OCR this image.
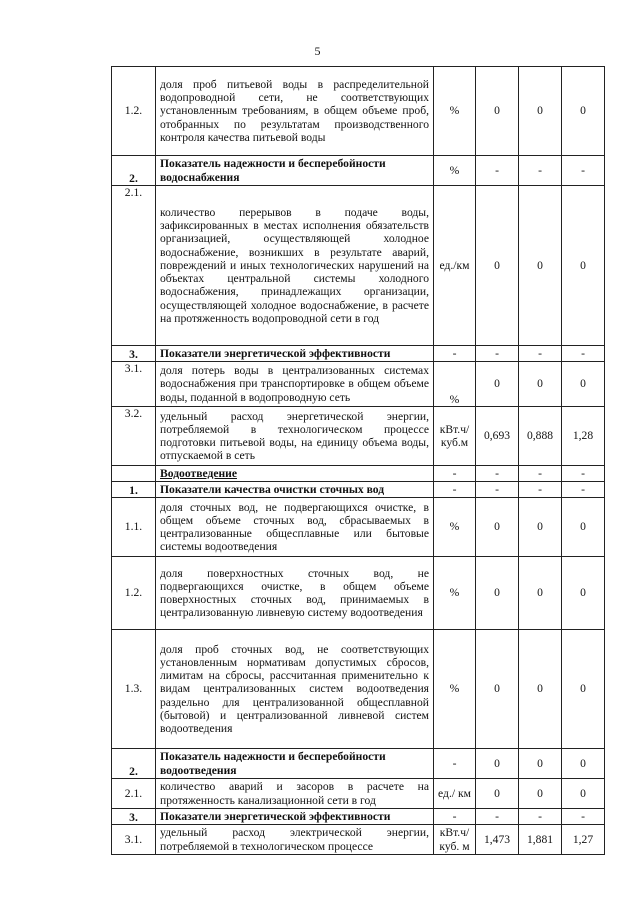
5
1.2.	доля проб питьевой воды в распределительной водопроводной сети, не соответствующих установленным требованиям, в общем объеме проб, отобранных по результатам производственного контроля качества питьевой воды	%	0	0	0
2.	Показатель надежности и бесперебойности водоснабжения	%	-	-	-
2.1.	количество перерывов в подаче воды, зафиксированных в местах исполнения обязательств организацией, осуществляющей холодное водоснабжение, возникших в результате аварий, повреждений и иных технологических нарушений на объектах центральной системы холодного водоснабжения, принадлежащих организации, осуществляющей холодное водоснабжение, в расчете на протяженность водопроводной сети в год	ед./км	0	0	0
3.	Показатели энергетической эффективности	-	-	-	-
3.1.	доля потерь воды в централизованных системах водоснабжения при транспортировке в общем объеме воды, поданной в водопроводную сеть	%	0	0	0
3.2.	удельный расход энергетической энергии, потребляемой в технологическом процессе подготовки питьевой воды, на единицу объема воды, отпускаемой в сеть	кВт.ч/ куб.м	0,693	0,888	1,28
	Водоотведение	-	-	-	-
1.	Показатели качества очистки сточных вод	-	-	-	-
1.1.	доля сточных вод, не подвергающихся очистке, в общем объеме сточных вод, сбрасываемых в централизованные общесплавные или бытовые системы водоотведения	%	0	0	0
1.2.	доля поверхностных сточных вод, не подвергающихся очистке, в общем объеме поверхностных сточных вод, принимаемых в централизованную ливневую систему водоотведения	%	0	0	0
1.3.	доля проб сточных вод, не соответствующих установленным нормативам допустимых сбросов, лимитам на сбросы, рассчитанная применительно к видам централизованных систем водоотведения раздельно для централизованной общесплавной (бытовой) и централизованной ливневой систем водоотведения	%	0	0	0
2.	Показатель надежности и бесперебойности водоотведения	-	0	0	0
2.1.	количество аварий и засоров в расчете на протяженность канализационной сети в год	ед./ км	0	0	0
3.	Показатели энергетической эффективности	-	-	-	-
3.1.	удельный расход электрической энергии, потребляемой в технологическом процессе	кВт.ч/ куб. м	1,473	1,881	1,27
